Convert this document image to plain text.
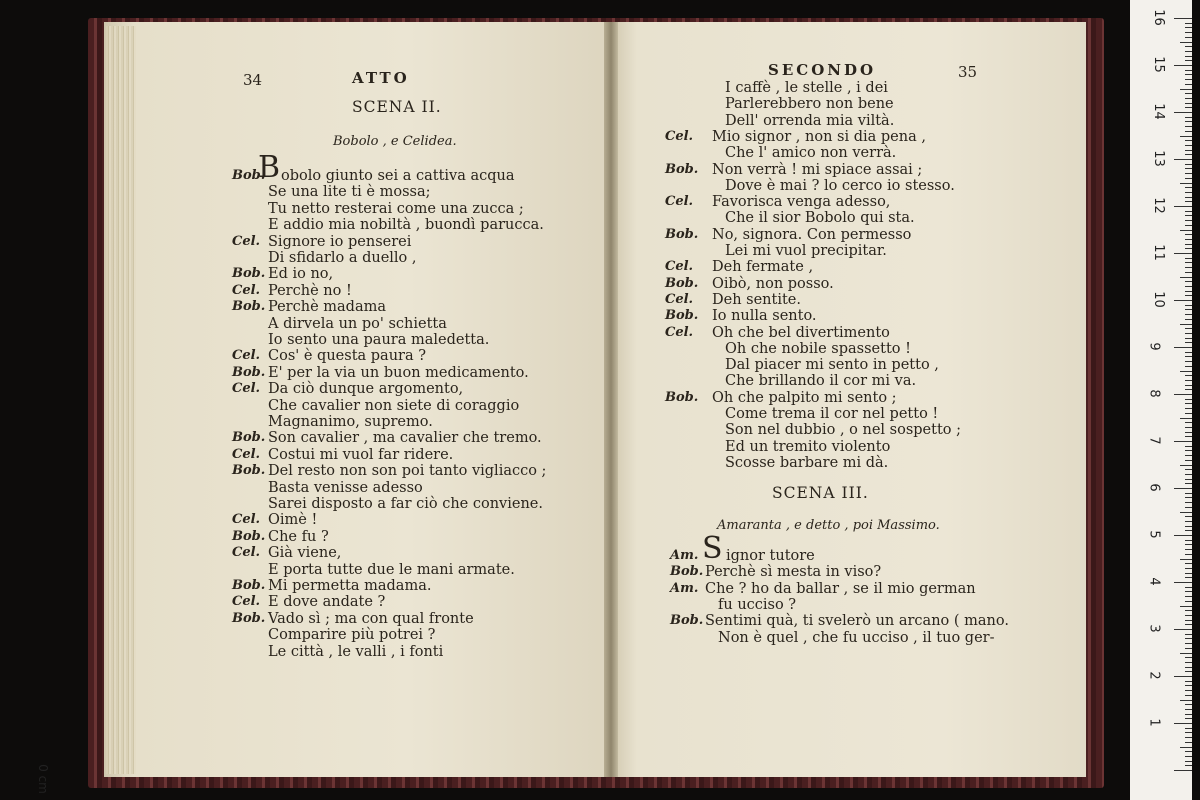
34	ATTO
SCENA II.
Bobolo , e Celidea.
B
Bob. obolo giunto sei a cattiva acqua
Se una lite ti è mossa;
Tu netto resterai come una zucca ;
E addio mia nobiltà , buondì parucca.
Cel. Signore io penserei
Di sfidarlo a duello ,
Bob. Ed io no,
Cel. Perchè no !
Bob. Perchè madama
A dirvela un po' schietta
Io sento una paura maledetta.
Cel. Cos' è questa paura ?
Bob. E' per la via un buon medicamento.
Cel. Da ciò dunque argomento,
Che cavalier non siete di coraggio
Magnanimo, supremo.
Bob. Son cavalier , ma cavalier che tremo.
Cel. Costui mi vuol far ridere.
Bob. Del resto non son poi tanto vigliacco ;
Basta venisse adesso
Sarei disposto a far ciò che conviene.
Cel. Oimè !
Bob. Che fu ?
Cel. Già viene,
E porta tutte due le mani armate.
Bob. Mi permetta madama.
Cel. E dove andate ?
Bob. Vado sì ; ma con qual fronte
Comparire più potrei ?
Le città , le valli , i fonti
SECONDO	35
I caffè , le stelle , i dei
Parlerebbero non bene
Dell' orrenda mia viltà.
Cel. Mio signor , non si dia pena ,
Che l' amico non verrà.
Bob. Non verrà ! mi spiace assai ;
Dove è mai ? lo cerco io stesso.
Cel. Favorisca venga adesso,
Che il sior Bobolo qui sta.
Bob. No, signora. Con permesso
Lei mi vuol precipitar.
Cel. Deh fermate ,
Bob. Oibò, non posso.
Cel. Deh sentite.
Bob. Io nulla sento.
Cel. Oh che bel divertimento
Oh che nobile spassetto !
Dal piacer mi sento in petto ,
Che brillando il cor mi va.
Bob. Oh che palpito mi sento ;
Come trema il cor nel petto !
Son nel dubbio , o nel sospetto ;
Ed un tremito violento
Scosse barbare mi dà.
SCENA III.
Amaranta , e detto , poi Massimo.
S
Am. ignor tutore
Bob. Perchè sì mesta in viso?
Am. Che ? ho da ballar , se il mio german
fu ucciso ?
Bob. Sentimi quà, ti svelerò un arcano ( mano.
Non è quel , che fu ucciso , il tuo ger-
16
15
14
13
12
11
10
9
8
7
6
5
4
3
2
1
0 cm
